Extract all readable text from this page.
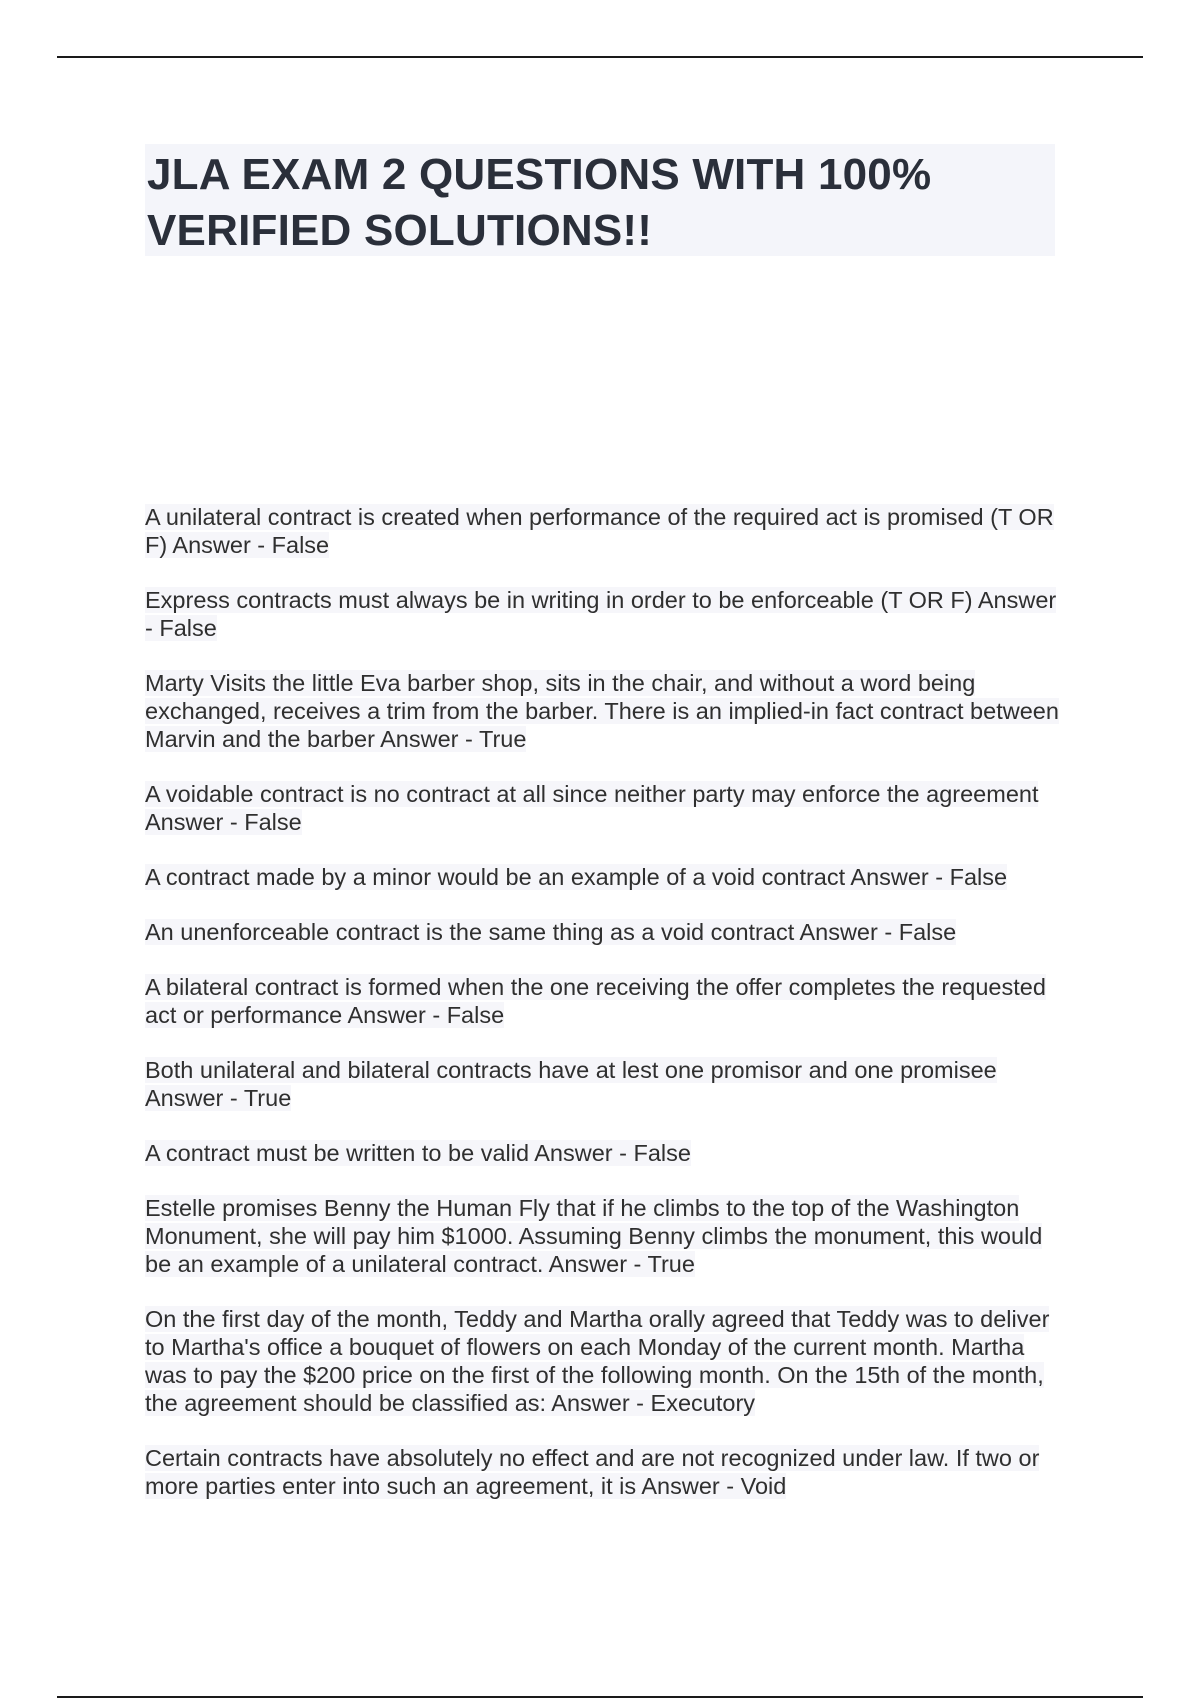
JLA EXAM 2 QUESTIONS WITH 100% VERIFIED SOLUTIONS!!
A unilateral contract is created when performance of the required act is promised (T OR F) Answer - False
Express contracts must always be in writing in order to be enforceable (T OR F) Answer - False
Marty Visits the little Eva barber shop, sits in the chair, and without a word being exchanged, receives a trim from the barber. There is an implied-in fact contract between Marvin and the barber Answer - True
A voidable contract is no contract at all since neither party may enforce the agreement Answer - False
A contract made by a minor would be an example of a void contract Answer - False
An unenforceable contract is the same thing as a void contract Answer - False
A bilateral contract is formed when the one receiving the offer completes the requested act or performance Answer - False
Both unilateral and bilateral contracts have at lest one promisor and one promisee Answer - True
A contract must be written to be valid Answer - False
Estelle promises Benny the Human Fly that if he climbs to the top of the Washington Monument, she will pay him $1000. Assuming Benny climbs the monument, this would be an example of a unilateral contract. Answer - True
On the first day of the month, Teddy and Martha orally agreed that Teddy was to deliver to Martha's office a bouquet of flowers on each Monday of the current month. Martha was to pay the $200 price on the first of the following month. On the 15th of the month, the agreement should be classified as: Answer - Executory
Certain contracts have absolutely no effect and are not recognized under law. If two or more parties enter into such an agreement, it is Answer - Void
